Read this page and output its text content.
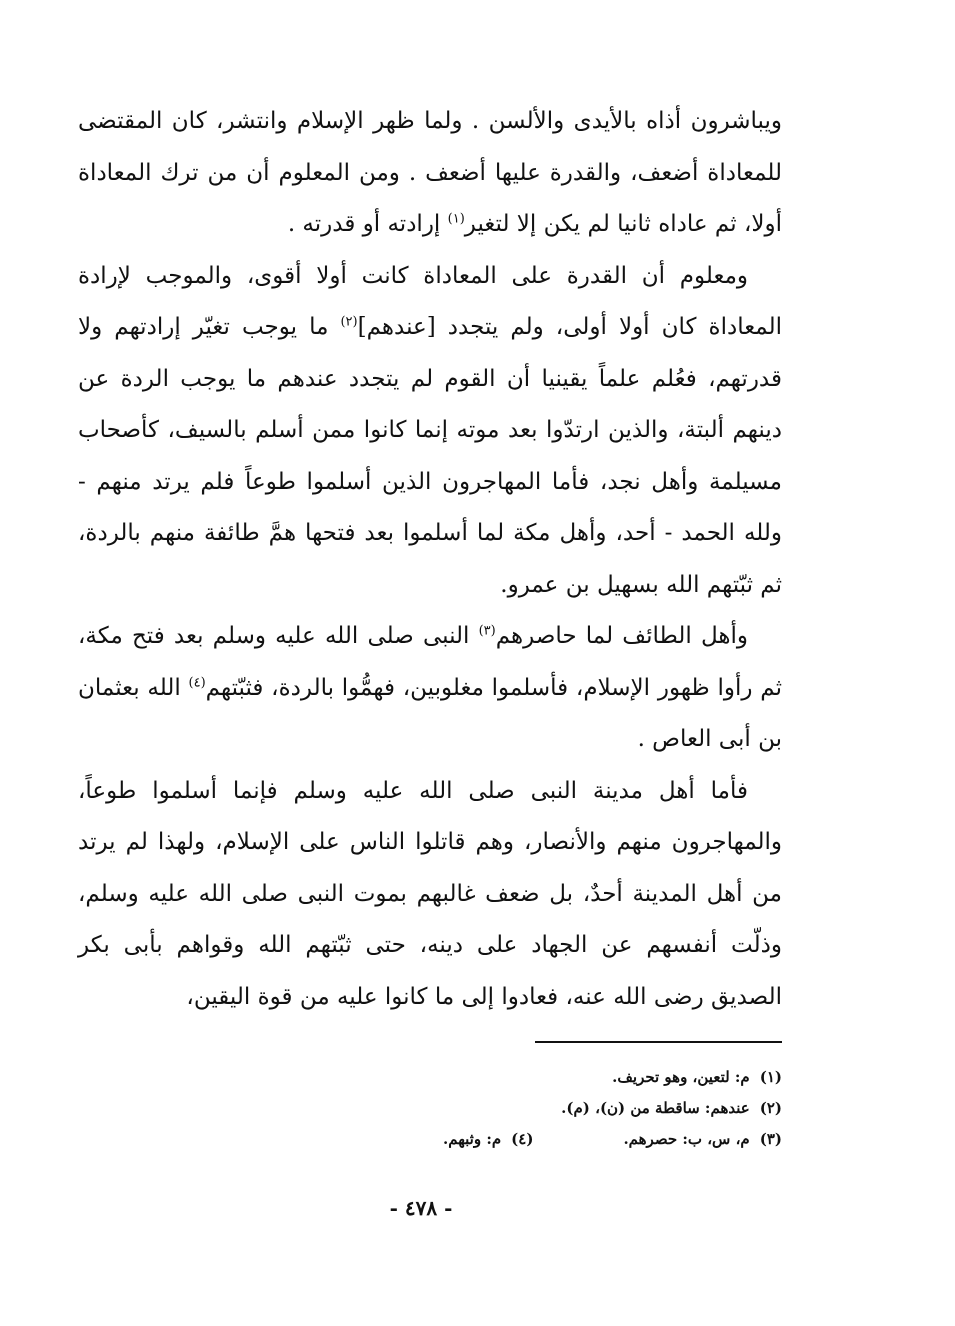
ويباشرون أذاه بالأيدى والألسن . ولما ظهر الإسلام وانتشر، كان المقتضى للمعاداة أضعف، والقدرة عليها أضعف . ومن المعلوم أن من ترك المعاداة أولا، ثم عاداه ثانيا لم يكن إلا لتغير$^{(١)}$ إرادته أو قدرته .

ومعلوم أن القدرة على المعاداة كانت أولا أقوى، والموجب لإرادة المعاداة كان أولا أولى، ولم يتجدد [عندهم]$^{(٢)}$ ما يوجب تغيّر إرادتهم ولا قدرتهم، فعُلم علماً يقينيا أن القوم لم يتجدد عندهم ما يوجب الردة عن دينهم ألبتة، والذين ارتدّوا بعد موته إنما كانوا ممن أسلم بالسيف، كأصحاب مسيلمة وأهل نجد، فأما المهاجرون الذين أسلموا طوعاً فلم يرتد منهم - ولله الحمد - أحد، وأهل مكة لما أسلموا بعد فتحها همَّ طائفة منهم بالردة، ثم ثبّتهم الله بسهيل بن عمرو.

وأهل الطائف لما حاصرهم$^{(٣)}$ النبى صلى الله عليه وسلم بعد فتح مكة، ثم رأوا ظهور الإسلام، فأسلموا مغلوبين، فهمُّوا بالردة، فثبّتهم$^{(٤)}$ الله بعثمان بن أبى العاص .

فأما أهل مدينة النبى صلى الله عليه وسلم فإنما أسلموا طوعاً، والمهاجرون منهم والأنصار، وهم قاتلوا الناس على الإسلام، ولهذا لم يرتد من أهل المدينة أحدٌ، بل ضعف غالبهم بموت النبى صلى الله عليه وسلم، وذلّت أنفسهم عن الجهاد على دينه، حتى ثبّتهم الله وقواهم بأبى بكر الصديق رضى الله عنه، فعادوا إلى ما كانوا عليه من قوة اليقين،

(١)م: لتعين، وهو تحريف.
(٢)عندهم: ساقطة من (ن)، (م).
(٣)م، س، ب: حصرهم.
(٤)م: وثبهم.
- ٤٧٨ -
